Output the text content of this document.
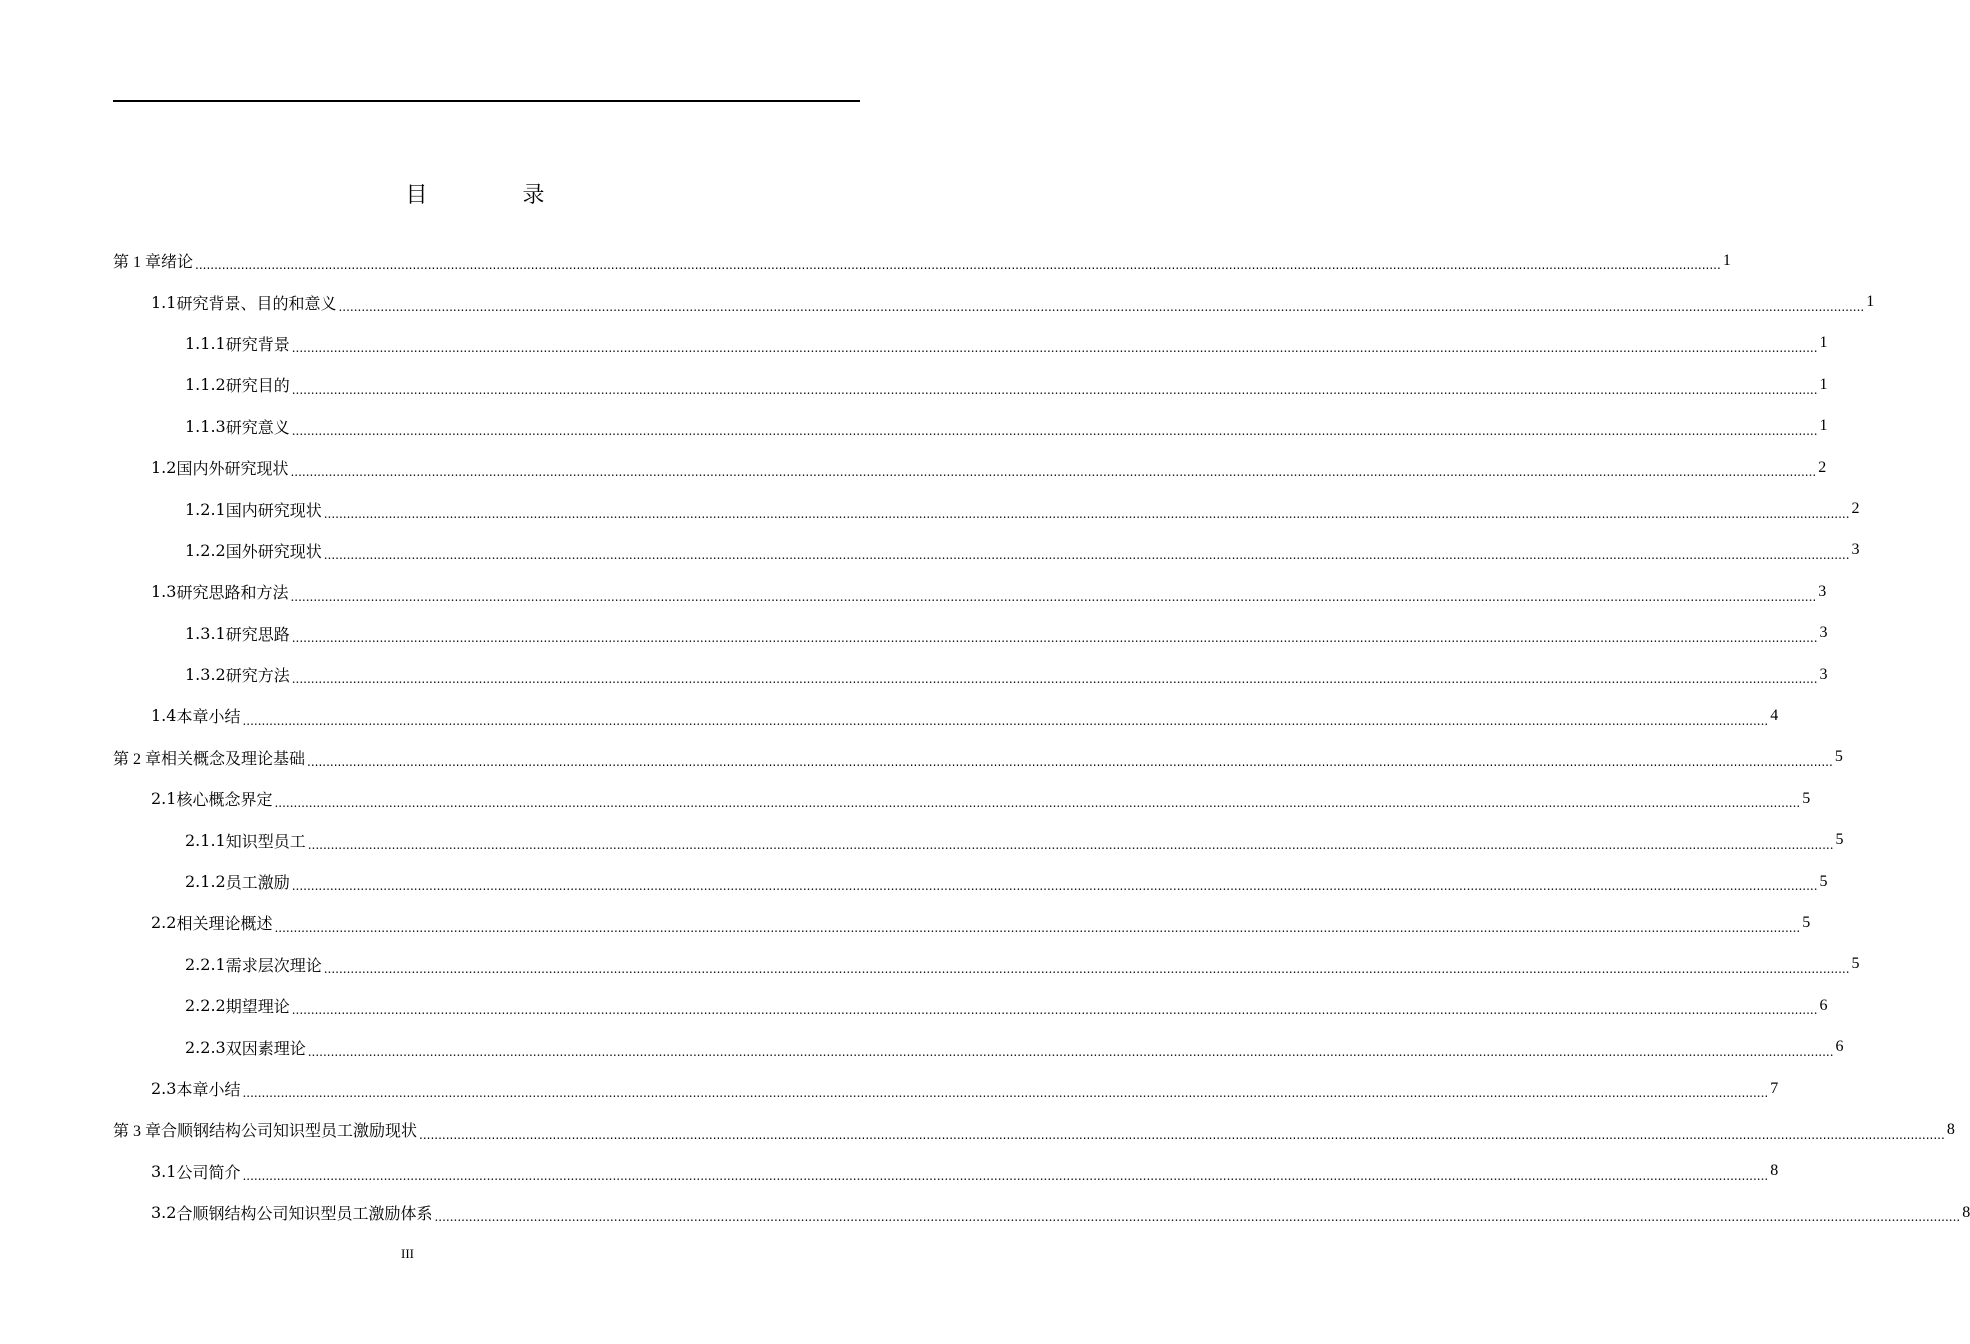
目 录
第 1 章 绪论 ................................................................................................................................................................................................................................................................................................................................................................................................................ 1
1.1 研究背景、目的和意义 ................................................................................................................................................................................................................................................................................................................................................................................................................ 1
1.1.1 研究背景 ................................................................................................................................................................................................................................................................................................................................................................................................................ 1
1.1.2 研究目的 ................................................................................................................................................................................................................................................................................................................................................................................................................ 1
1.1.3 研究意义 ................................................................................................................................................................................................................................................................................................................................................................................................................ 1
1.2 国内外研究现状 ................................................................................................................................................................................................................................................................................................................................................................................................................ 2
1.2.1 国内研究现状 ................................................................................................................................................................................................................................................................................................................................................................................................................ 2
1.2.2 国外研究现状 ................................................................................................................................................................................................................................................................................................................................................................................................................ 3
1.3 研究思路和方法 ................................................................................................................................................................................................................................................................................................................................................................................................................ 3
1.3.1 研究思路 ................................................................................................................................................................................................................................................................................................................................................................................................................ 3
1.3.2 研究方法 ................................................................................................................................................................................................................................................................................................................................................................................................................ 3
1.4 本章小结 ................................................................................................................................................................................................................................................................................................................................................................................................................ 4
第 2 章 相关概念及理论基础 ................................................................................................................................................................................................................................................................................................................................................................................................................ 5
2.1 核心概念界定 ................................................................................................................................................................................................................................................................................................................................................................................................................ 5
2.1.1 知识型员工 ................................................................................................................................................................................................................................................................................................................................................................................................................ 5
2.1.2 员工激励 ................................................................................................................................................................................................................................................................................................................................................................................................................ 5
2.2 相关理论概述 ................................................................................................................................................................................................................................................................................................................................................................................................................ 5
2.2.1 需求层次理论 ................................................................................................................................................................................................................................................................................................................................................................................................................ 5
2.2.2 期望理论 ................................................................................................................................................................................................................................................................................................................................................................................................................ 6
2.2.3 双因素理论 ................................................................................................................................................................................................................................................................................................................................................................................................................ 6
2.3 本章小结 ................................................................................................................................................................................................................................................................................................................................................................................................................ 7
第 3 章 合顺钢结构公司知识型员工激励现状 ................................................................................................................................................................................................................................................................................................................................................................................................................ 8
3.1 公司简介 ................................................................................................................................................................................................................................................................................................................................................................................................................ 8
3.2 合顺钢结构公司知识型员工激励体系 ................................................................................................................................................................................................................................................................................................................................................................................................................ 8
III
